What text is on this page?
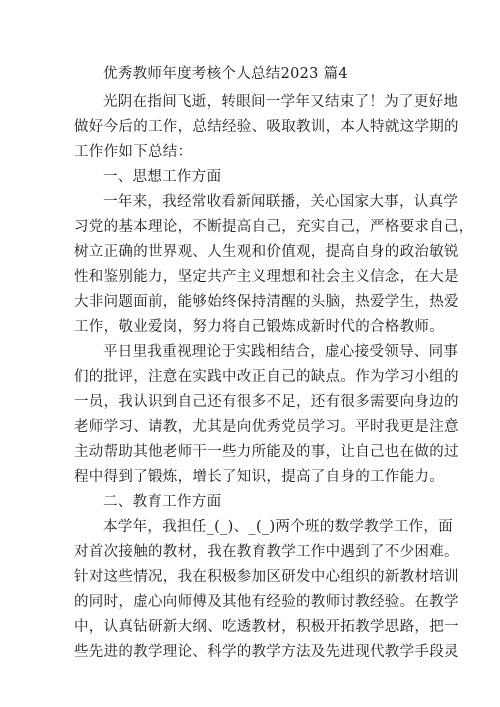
优秀教师年度考核个人总结2023 篇4
光阴在指间飞逝，转眼间一学年又结束了！为了更好地
做好今后的工作，总结经验、吸取教训，本人特就这学期的
工作作如下总结：
一、思想工作方面
一年来，我经常收看新闻联播，关心国家大事，认真学
习党的基本理论，不断提高自己，充实自己，严格要求自己，
树立正确的世界观、人生观和价值观，提高自身的政治敏锐
性和鉴别能力，坚定共产主义理想和社会主义信念，在大是
大非问题面前，能够始终保持清醒的头脑，热爱学生，热爱
工作，敬业爱岗，努力将自己锻炼成新时代的合格教师。
平日里我重视理论于实践相结合，虚心接受领导、同事
们的批评，注意在实践中改正自己的缺点。作为学习小组的
一员，我认识到自己还有很多不足，还有很多需要向身边的
老师学习、请教，尤其是向优秀党员学习。平时我更是注意
主动帮助其他老师干一些力所能及的事，让自己也在做的过
程中得到了锻炼，增长了知识，提高了自身的工作能力。
二、教育工作方面
本学年，我担任_(_)、_(_)两个班的数学教学工作，面
对首次接触的教材，我在教育教学工作中遇到了不少困难。
针对这些情况，我在积极参加区研发中心组织的新教材培训
的同时，虚心向师傅及其他有经验的教师讨教经验。在教学
中，认真钻研新大纲、吃透教材，积极开拓教学思路，把一
些先进的教学理论、科学的教学方法及先进现代教学手段灵
